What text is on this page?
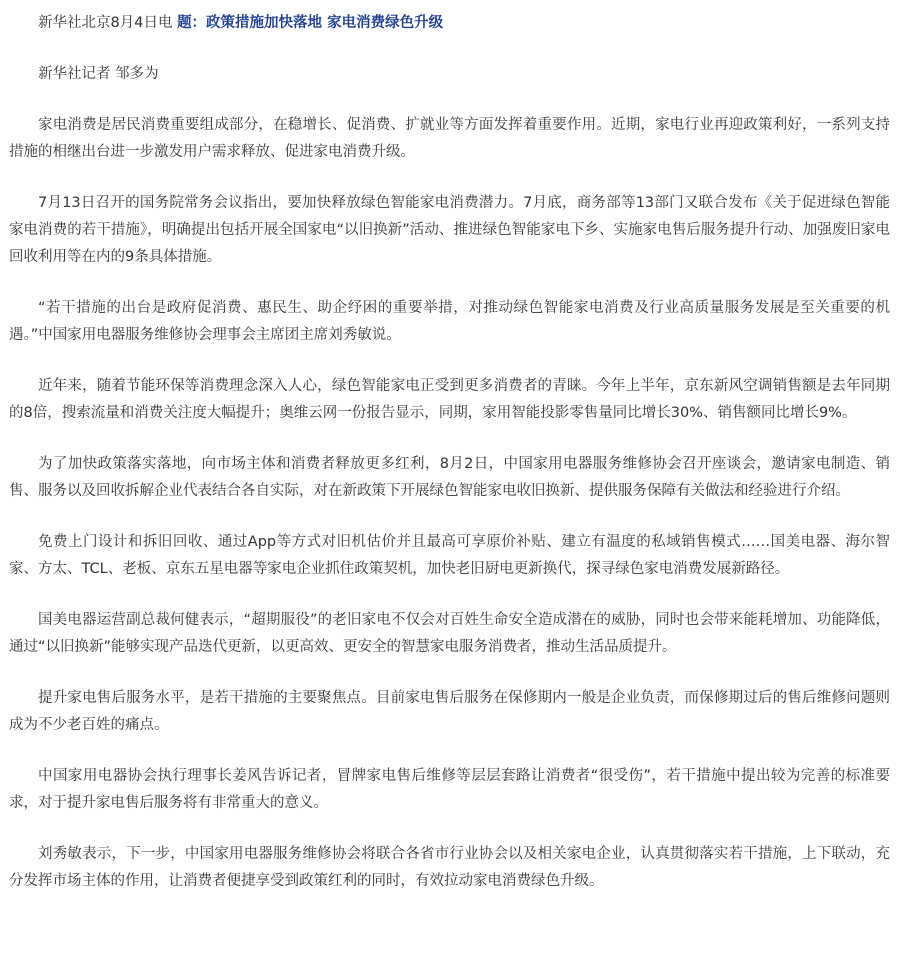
新华社北京8月4日电 题：政策措施加快落地 家电消费绿色升级

新华社记者 邹多为

家电消费是居民消费重要组成部分，在稳增长、促消费、扩就业等方面发挥着重要作用。近期，家电行业再迎政策利好，一系列支持措施的相继出台进一步激发用户需求释放、促进家电消费升级。

7月13日召开的国务院常务会议指出，要加快释放绿色智能家电消费潜力。7月底，商务部等13部门又联合发布《关于促进绿色智能家电消费的若干措施》，明确提出包括开展全国家电“以旧换新”活动、推进绿色智能家电下乡、实施家电售后服务提升行动、加强废旧家电回收利用等在内的9条具体措施。

“若干措施的出台是政府促消费、惠民生、助企纾困的重要举措，对推动绿色智能家电消费及行业高质量服务发展是至关重要的机遇。”中国家用电器服务维修协会理事会主席团主席刘秀敏说。

近年来，随着节能环保等消费理念深入人心，绿色智能家电正受到更多消费者的青睐。今年上半年，京东新风空调销售额是去年同期的8倍，搜索流量和消费关注度大幅提升；奥维云网一份报告显示，同期，家用智能投影零售量同比增长30%、销售额同比增长9%。

为了加快政策落实落地，向市场主体和消费者释放更多红利，8月2日，中国家用电器服务维修协会召开座谈会，邀请家电制造、销售、服务以及回收拆解企业代表结合各自实际，对在新政策下开展绿色智能家电收旧换新、提供服务保障有关做法和经验进行介绍。

免费上门设计和拆旧回收、通过App等方式对旧机估价并且最高可享原价补贴、建立有温度的私域销售模式……国美电器、海尔智家、方太、TCL、老板、京东五星电器等家电企业抓住政策契机，加快老旧厨电更新换代，探寻绿色家电消费发展新路径。

国美电器运营副总裁何健表示，“超期服役”的老旧家电不仅会对百姓生命安全造成潜在的威胁，同时也会带来能耗增加、功能降低，通过“以旧换新”能够实现产品迭代更新，以更高效、更安全的智慧家电服务消费者，推动生活品质提升。

提升家电售后服务水平，是若干措施的主要聚焦点。目前家电售后服务在保修期内一般是企业负责，而保修期过后的售后维修问题则成为不少老百姓的痛点。

中国家用电器协会执行理事长姜风告诉记者，冒牌家电售后维修等层层套路让消费者“很受伤”，若干措施中提出较为完善的标准要求，对于提升家电售后服务将有非常重大的意义。

刘秀敏表示，下一步，中国家用电器服务维修协会将联合各省市行业协会以及相关家电企业，认真贯彻落实若干措施，上下联动，充分发挥市场主体的作用，让消费者便捷享受到政策红利的同时，有效拉动家电消费绿色升级。
